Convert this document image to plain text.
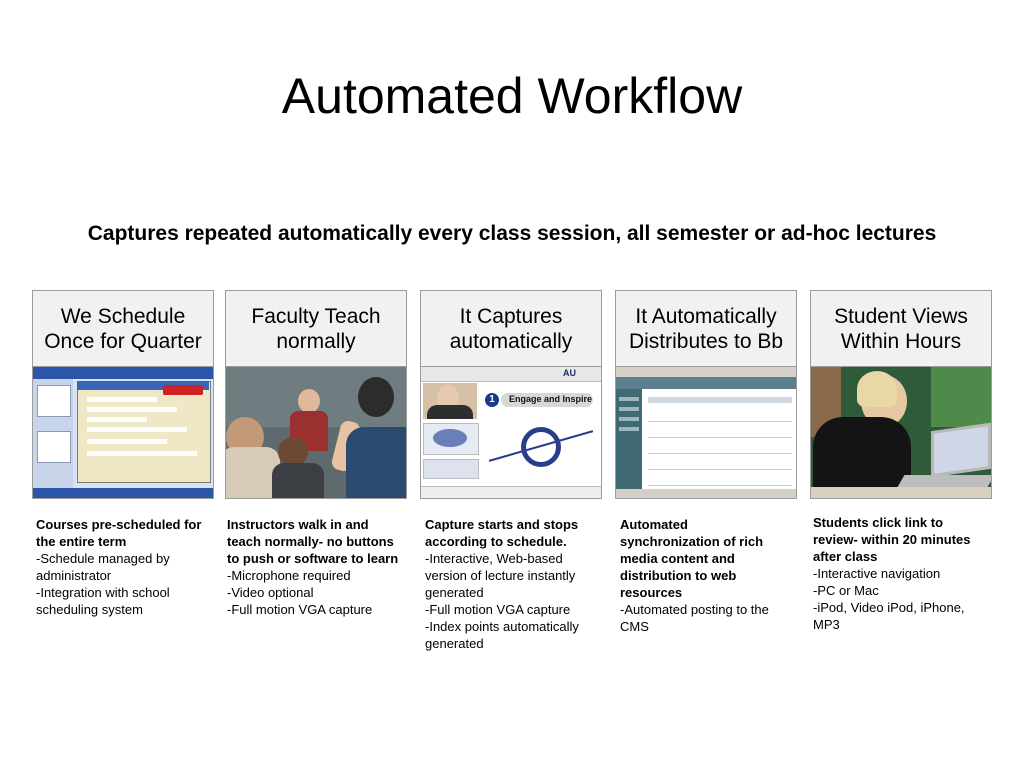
Automated Workflow
Captures repeated automatically every class session, all semester or ad-hoc lectures
We Schedule Once for Quarter
Faculty Teach normally
It Captures automatically
AU
1	Engage and Inspire
It Automatically Distributes to Bb
Student Views Within Hours
Courses pre-scheduled for the entire term
-Schedule managed by administrator
-Integration with school scheduling system
Instructors walk in and teach normally- no buttons to push or software to learn
-Microphone required
-Video optional
-Full motion VGA capture
Capture starts and stops according to schedule.
-Interactive, Web-based version of lecture instantly generated
-Full motion VGA capture
-Index points automatically generated
Automated synchronization of rich media content and distribution to web resources
-Automated posting to the CMS
Students click link to review- within 20 minutes after class
-Interactive navigation
-PC or Mac
-iPod, Video iPod, iPhone, MP3
